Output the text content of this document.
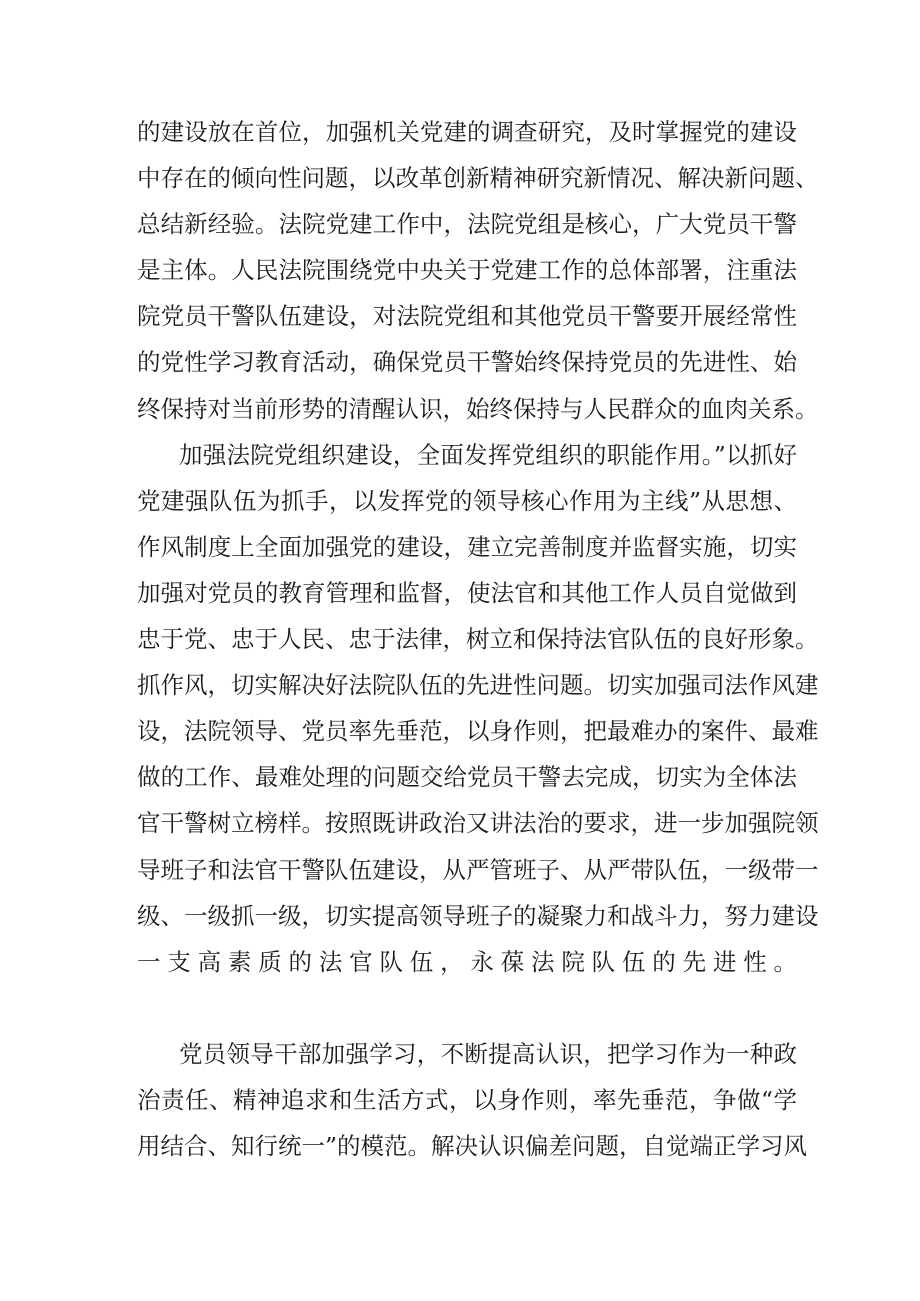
的建设放在首位，加强机关党建的调查研究，及时掌握党的建设
中存在的倾向性问题，以改革创新精神研究新情况、解决新问题、
总结新经验。法院党建工作中，法院党组是核心，广大党员干警
是主体。人民法院围绕党中央关于党建工作的总体部署，注重法
院党员干警队伍建设，对法院党组和其他党员干警要开展经常性
的党性学习教育活动，确保党员干警始终保持党员的先进性、始
终保持对当前形势的清醒认识，始终保持与人民群众的血肉关系。
加强法院党组织建设，全面发挥党组织的职能作用。”以抓好
党建强队伍为抓手，以发挥党的领导核心作用为主线”从思想、
作风制度上全面加强党的建设，建立完善制度并监督实施，切实
加强对党员的教育管理和监督，使法官和其他工作人员自觉做到
忠于党、忠于人民、忠于法律，树立和保持法官队伍的良好形象。
抓作风，切实解决好法院队伍的先进性问题。切实加强司法作风建
设，法院领导、党员率先垂范，以身作则，把最难办的案件、最难
做的工作、最难处理的问题交给党员干警去完成，切实为全体法
官干警树立榜样。按照既讲政治又讲法治的要求，进一步加强院领
导班子和法官干警队伍建设，从严管班子、从严带队伍，一级带一
级、一级抓一级，切实提高领导班子的凝聚力和战斗力，努力建设
一支高素质的法官队伍，永葆法院队伍的先进性。
党员领导干部加强学习，不断提高认识，把学习作为一种政
治责任、精神追求和生活方式，以身作则，率先垂范，争做“学
用结合、知行统一”的模范。解决认识偏差问题，自觉端正学习风
